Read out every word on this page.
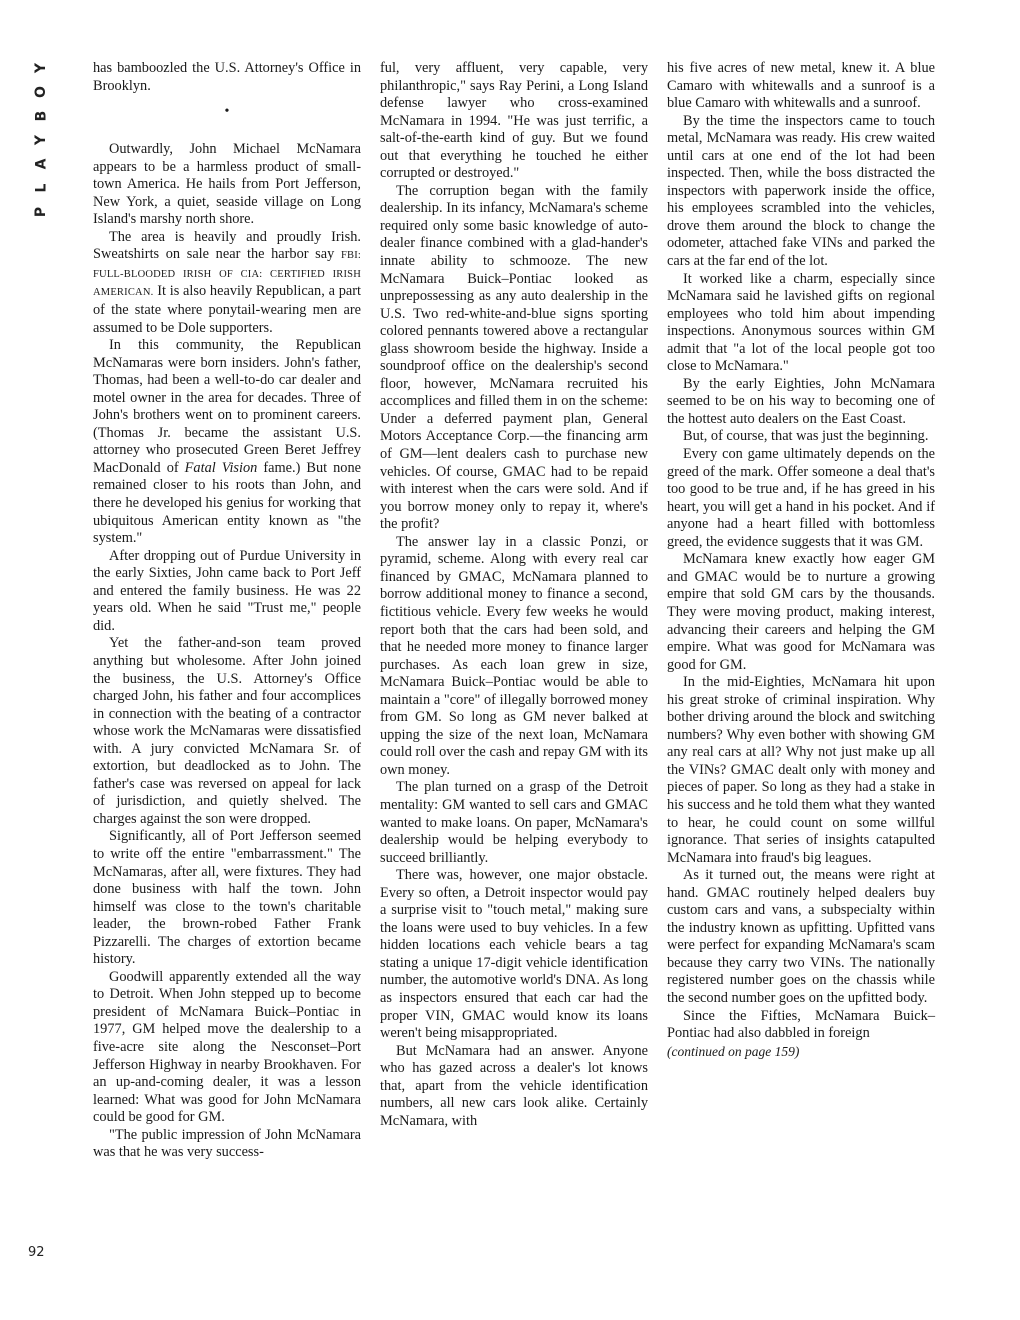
Y
O
B
Y
A
L
P
92

has bamboozled the U.S. Attorney's Office in Brooklyn.

•

Outwardly, John Michael McNamara appears to be a harmless product of small-town America. He hails from Port Jefferson, New York, a quiet, seaside village on Long Island's marshy north shore.

The area is heavily and proudly Irish. Sweatshirts on sale near the harbor say FBI: FULL-BLOODED IRISH OF CIA: CERTIFIED IRISH AMERICAN. It is also heavily Republican, a part of the state where ponytail-wearing men are assumed to be Dole supporters.

In this community, the Republican McNamaras were born insiders. John's father, Thomas, had been a well-to-do car dealer and motel owner in the area for decades. Three of John's brothers went on to prominent careers. (Thomas Jr. became the assistant U.S. attorney who prosecuted Green Beret Jeffrey MacDonald of Fatal Vision fame.) But none remained closer to his roots than John, and there he developed his genius for working that ubiquitous American entity known as "the system."

After dropping out of Purdue University in the early Sixties, John came back to Port Jeff and entered the family business. He was 22 years old. When he said "Trust me," people did.

Yet the father-and-son team proved anything but wholesome. After John joined the business, the U.S. Attorney's Office charged John, his father and four accomplices in connection with the beating of a contractor whose work the McNamaras were dissatisfied with. A jury convicted McNamara Sr. of extortion, but deadlocked as to John. The father's case was reversed on appeal for lack of jurisdiction, and quietly shelved. The charges against the son were dropped.

Significantly, all of Port Jefferson seemed to write off the entire "embarrassment." The McNamaras, after all, were fixtures. They had done business with half the town. John himself was close to the town's charitable leader, the brown-robed Father Frank Pizzarelli. The charges of extortion became history.

Goodwill apparently extended all the way to Detroit. When John stepped up to become president of McNamara Buick–Pontiac in 1977, GM helped move the dealership to a five-acre site along the Nesconset–Port Jefferson Highway in nearby Brookhaven. For an up-and-coming dealer, it was a lesson learned: What was good for John McNamara could be good for GM.

"The public impression of John McNamara was that he was very success-

ful, very affluent, very capable, very philanthropic," says Ray Perini, a Long Island defense lawyer who cross-examined McNamara in 1994. "He was just terrific, a salt-of-the-earth kind of guy. But we found out that everything he touched he either corrupted or destroyed."

The corruption began with the family dealership. In its infancy, McNamara's scheme required only some basic knowledge of auto-dealer finance combined with a glad-hander's innate ability to schmooze. The new McNamara Buick–Pontiac looked as unprepossessing as any auto dealership in the U.S. Two red-white-and-blue signs sporting colored pennants towered above a rectangular glass showroom beside the highway. Inside a soundproof office on the dealership's second floor, however, McNamara recruited his accomplices and filled them in on the scheme: Under a deferred payment plan, General Motors Acceptance Corp.—the financing arm of GM—lent dealers cash to purchase new vehicles. Of course, GMAC had to be repaid with interest when the cars were sold. And if you borrow money only to repay it, where's the profit?

The answer lay in a classic Ponzi, or pyramid, scheme. Along with every real car financed by GMAC, McNamara planned to borrow additional money to finance a second, fictitious vehicle. Every few weeks he would report both that the cars had been sold, and that he needed more money to finance larger purchases. As each loan grew in size, McNamara Buick–Pontiac would be able to maintain a "core" of illegally borrowed money from GM. So long as GM never balked at upping the size of the next loan, McNamara could roll over the cash and repay GM with its own money.

The plan turned on a grasp of the Detroit mentality: GM wanted to sell cars and GMAC wanted to make loans. On paper, McNamara's dealership would be helping everybody to succeed brilliantly.

There was, however, one major obstacle. Every so often, a Detroit inspector would pay a surprise visit to "touch metal," making sure the loans were used to buy vehicles. In a few hidden locations each vehicle bears a tag stating a unique 17-digit vehicle identification number, the automotive world's DNA. As long as inspectors ensured that each car had the proper VIN, GMAC would know its loans weren't being misappropriated.

But McNamara had an answer. Anyone who has gazed across a dealer's lot knows that, apart from the vehicle identification numbers, all new cars look alike. Certainly McNamara, with

his five acres of new metal, knew it. A blue Camaro with whitewalls and a sunroof is a blue Camaro with whitewalls and a sunroof.

By the time the inspectors came to touch metal, McNamara was ready. His crew waited until cars at one end of the lot had been inspected. Then, while the boss distracted the inspectors with paperwork inside the office, his employees scrambled into the vehicles, drove them around the block to change the odometer, attached fake VINs and parked the cars at the far end of the lot.

It worked like a charm, especially since McNamara said he lavished gifts on regional employees who told him about impending inspections. Anonymous sources within GM admit that "a lot of the local people got too close to McNamara."

By the early Eighties, John McNamara seemed to be on his way to becoming one of the hottest auto dealers on the East Coast.

But, of course, that was just the beginning.

Every con game ultimately depends on the greed of the mark. Offer someone a deal that's too good to be true and, if he has greed in his heart, you will get a hand in his pocket. And if anyone had a heart filled with bottomless greed, the evidence suggests that it was GM.

McNamara knew exactly how eager GM and GMAC would be to nurture a growing empire that sold GM cars by the thousands. They were moving product, making interest, advancing their careers and helping the GM empire. What was good for McNamara was good for GM.

In the mid-Eighties, McNamara hit upon his great stroke of criminal inspiration. Why bother driving around the block and switching numbers? Why even bother with showing GM any real cars at all? Why not just make up all the VINs? GMAC dealt only with money and pieces of paper. So long as they had a stake in his success and he told them what they wanted to hear, he could count on some willful ignorance. That series of insights catapulted McNamara into fraud's big leagues.

As it turned out, the means were right at hand. GMAC routinely helped dealers buy custom cars and vans, a subspecialty within the industry known as upfitting. Upfitted vans were perfect for expanding McNamara's scam because they carry two VINs. The nationally registered number goes on the chassis while the second number goes on the upfitted body.

Since the Fifties, McNamara Buick–Pontiac had also dabbled in foreign

(continued on page 159)
